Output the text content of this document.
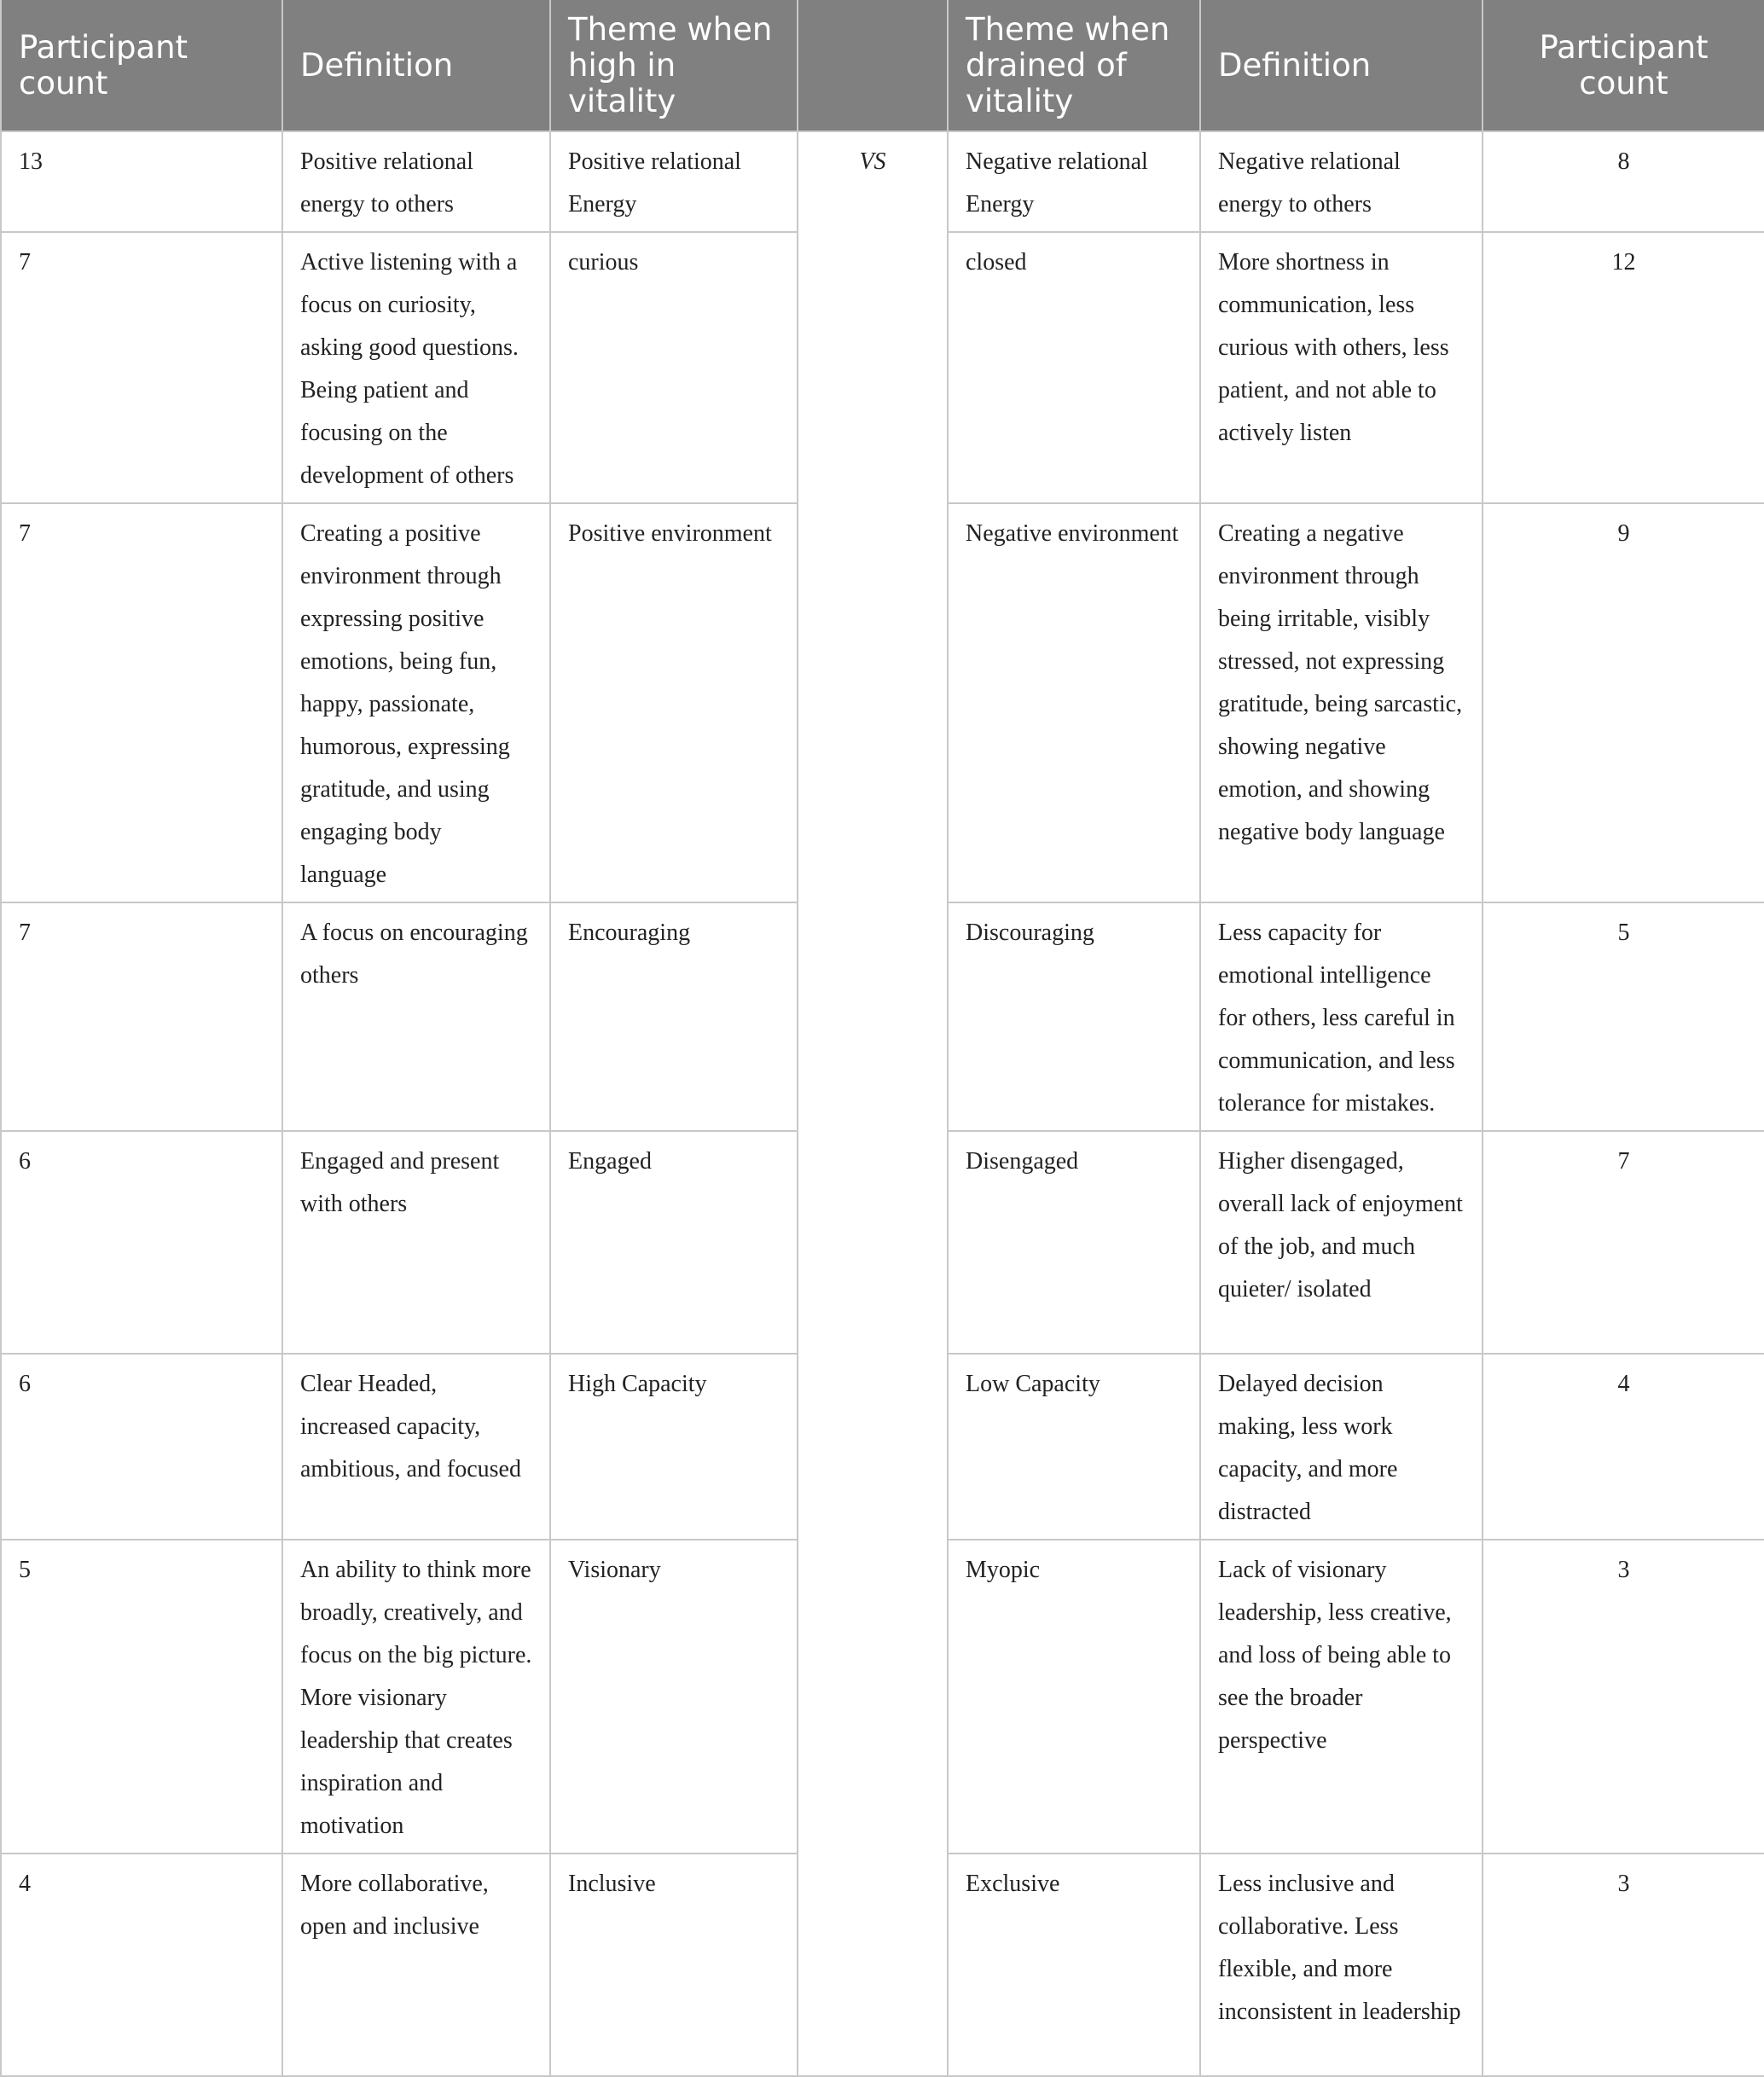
Participant count	Definition	Theme when high in vitality		Theme when drained of vitality	Definition	Participant count
13	Positive relational energy to others	Positive relational Energy	VS	Negative relational Energy	Negative relational energy to others	8
7	Active listening with a focus on curiosity, asking good questions. Being patient and focusing on the development of others	curious		closed	More shortness in communication, less curious with others, less patient, and not able to actively listen	12
7	Creating a positive environment through expressing positive emotions, being fun, happy, passionate, humorous, expressing gratitude, and using engaging body language	Positive environment		Negative environment	Creating a negative environment through being irritable, visibly stressed, not expressing gratitude, being sarcastic, showing negative emotion, and showing negative body language	9
7	A focus on encouraging others	Encouraging		Discouraging	Less capacity for emotional intelligence for others, less careful in communication, and less tolerance for mistakes.	5
6	Engaged and present with others	Engaged		Disengaged	Higher disengaged, overall lack of enjoyment of the job, and much quieter/ isolated	7
6	Clear Headed, increased capacity, ambitious, and focused	High Capacity		Low Capacity	Delayed decision making, less work capacity, and more distracted	4
5	An ability to think more broadly, creatively, and focus on the big picture. More visionary leadership that creates inspiration and motivation	Visionary		Myopic	Lack of visionary leadership, less creative, and loss of being able to see the broader perspective	3
4	More collaborative, open and inclusive	Inclusive		Exclusive	Less inclusive and collaborative. Less flexible, and more inconsistent in leadership	3
